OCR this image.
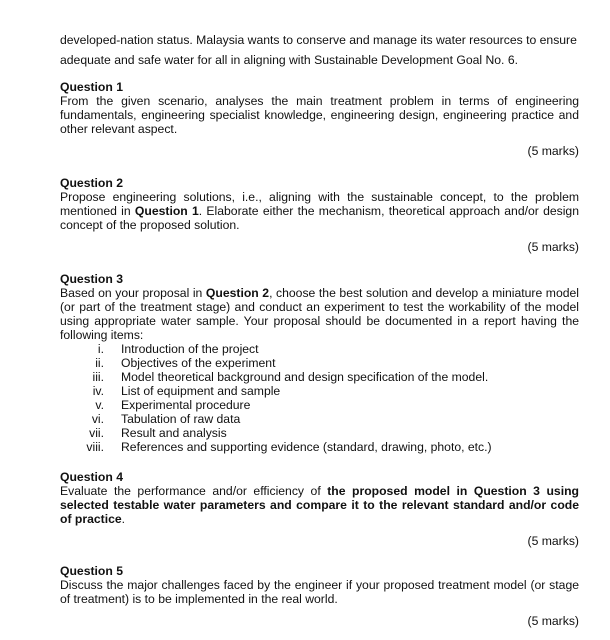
developed-nation status. Malaysia wants to conserve and manage its water resources to ensure

adequate and safe water for all in aligning with Sustainable Development Goal No. 6.

Question 1

From the given scenario, analyses the main treatment problem in terms of engineering fundamentals, engineering specialist knowledge, engineering design, engineering practice and other relevant aspect.

(5 marks)

Question 2

Propose engineering solutions, i.e., aligning with the sustainable concept, to the problem mentioned in Question 1. Elaborate either the mechanism, theoretical approach and/or design concept of the proposed solution.

(5 marks)

Question 3

Based on your proposal in Question 2, choose the best solution and develop a miniature model (or part of the treatment stage) and conduct an experiment to test the workability of the model using appropriate water sample. Your proposal should be documented in a report having the following items:

i.	Introduction of the project
ii.	Objectives of the experiment
iii.	Model theoretical background and design specification of the model.
iv.	List of equipment and sample
v.	Experimental procedure
vi.	Tabulation of raw data
vii.	Result and analysis
viii.	References and supporting evidence (standard, drawing, photo, etc.)

Question 4

Evaluate the performance and/or efficiency of the proposed model in Question 3 using selected testable water parameters and compare it to the relevant standard and/or code of practice.

(5 marks)

Question 5

Discuss the major challenges faced by the engineer if your proposed treatment model (or stage of treatment) is to be implemented in the real world.

(5 marks)
